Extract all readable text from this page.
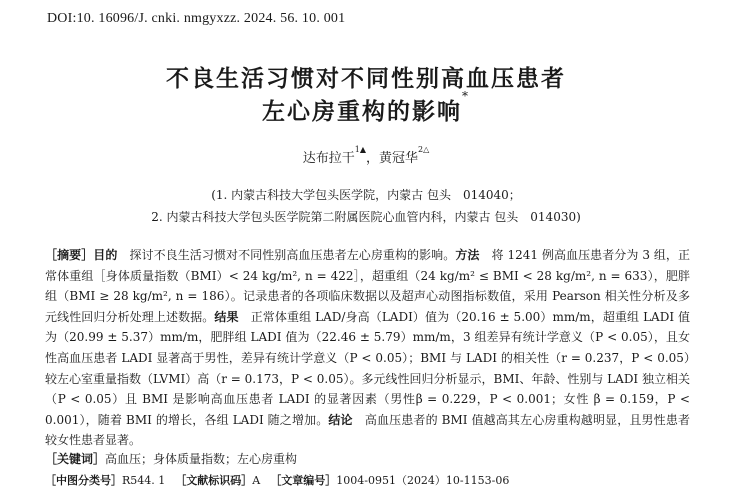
DOI:10. 16096/J. cnki. nmgyxzz. 2024. 56. 10. 001
不良生活习惯对不同性别高血压患者
左心房重构的影响*
达布拉干$^{1▲}$，黄冠华$^{2\triangle}$
(1. 内蒙古科技大学包头医学院，内蒙古 包头　014040；
2. 内蒙古科技大学包头医学院第二附属医院心血管内科，内蒙古 包头　014030)
［摘要］目的　探讨不良生活习惯对不同性别高血压患者左心房重构的影响。方法　将 1241 例高血压患者分为 3 组，正常体重组［身体质量指数（BMI）< 24 kg/m², n = 422］，超重组（24 kg/m² ≤ BMI < 28 kg/m², n = 633），肥胖组（BMI ≥ 28 kg/m², n = 186）。记录患者的各项临床数据以及超声心动图指标数值，采用 Pearson 相关性分析及多元线性回归分析处理上述数据。结果　正常体重组 LAD/身高（LADI）值为（20.16 ± 5.00）mm/m，超重组 LADI 值为（20.99 ± 5.37）mm/m，肥胖组 LADI 值为（22.46 ± 5.79）mm/m，3 组差异有统计学意义（P < 0.05），且女性高血压患者 LADI 显著高于男性，差异有统计学意义（P < 0.05）；BMI 与 LADI 的相关性（r = 0.237，P < 0.05）较左心室重量指数（LVMI）高（r = 0.173，P < 0.05）。多元线性回归分析显示，BMI、年龄、性别与 LADI 独立相关（P < 0.05）且 BMI 是影响高血压患者 LADI 的显著因素（男性β = 0.229，P < 0.001；女性 β = 0.159，P < 0.001），随着 BMI 的增长，各组 LADI 随之增加。结论　高血压患者的 BMI 值越高其左心房重构越明显，且男性患者较女性患者显著。
［关键词］高血压；身体质量指数；左心房重构
［中图分类号］R544. 1 ［文献标识码］A ［文章编号］1004-0951（2024）10-1153-06
